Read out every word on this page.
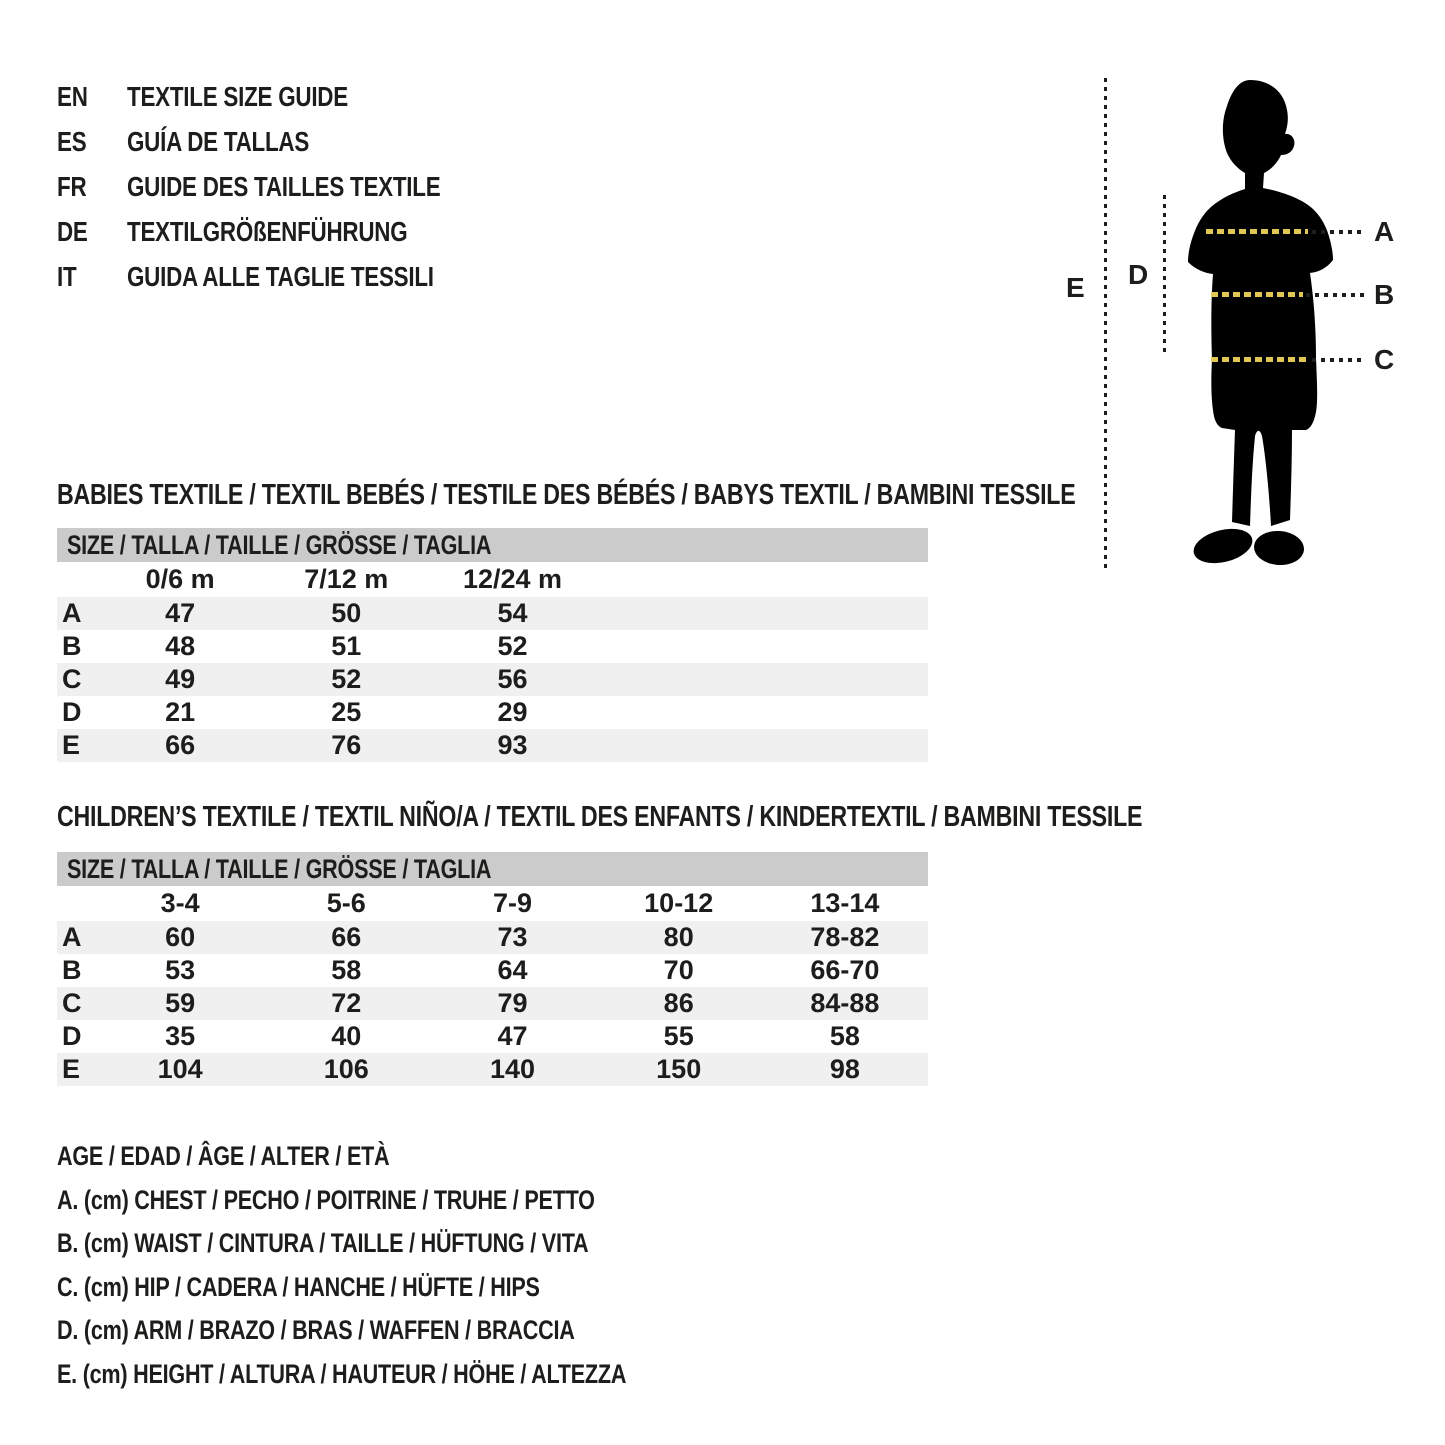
EN	TEXTILE SIZE GUIDE
ES	GUÍA DE TALLAS
FR	GUIDE DES TAILLES TEXTILE
DE	TEXTILGRÖßENFÜHRUNG
IT	GUIDA ALLE TAGLIE TESSILI	E D
A
B
C
BABIES TEXTILE / TEXTIL BEBÉS / TESTILE DES BÉBÉS / BABYS TEXTIL / BAMBINI TESSILE
SIZE / TALLA / TAILLE / GRÖSSE / TAGLIA
0/6 m	7/12 m	12/24 m
A	47	50	54
B	48	51	52
C	49	52	56
D	21	25	29
E	66	76	93
CHILDREN’S TEXTILE / TEXTIL NIÑO/A / TEXTIL DES ENFANTS / KINDERTEXTIL / BAMBINI TESSILE
SIZE / TALLA / TAILLE / GRÖSSE / TAGLIA
3-4	5-6	7-9	10-12	13-14
A	60	66	73	80	78-82
B	53	58	64	70	66-70
C	59	72	79	86	84-88
D	35	40	47	55	58
E	104	106	140	150	98
AGE / EDAD / ÂGE / ALTER / ETÀ
A. (cm) CHEST / PECHO / POITRINE / TRUHE / PETTO
B. (cm) WAIST / CINTURA / TAILLE / HÜFTUNG / VITA
C. (cm) HIP / CADERA / HANCHE / HÜFTE / HIPS
D. (cm) ARM / BRAZO / BRAS / WAFFEN / BRACCIA
E. (cm) HEIGHT / ALTURA / HAUTEUR / HÖHE / ALTEZZA
